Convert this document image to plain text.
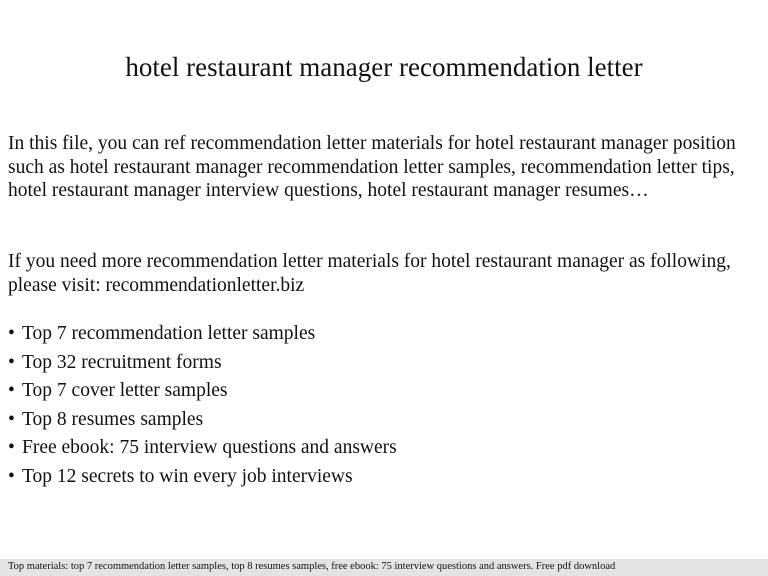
hotel restaurant manager recommendation letter
In this file, you can ref recommendation letter materials for hotel restaurant manager position such as hotel restaurant manager recommendation letter samples, recommendation letter tips, hotel restaurant manager interview questions, hotel restaurant manager resumes…
If you need more recommendation letter materials for hotel restaurant manager as following, please visit: recommendationletter.biz
• Top 7 recommendation letter samples
• Top 32 recruitment forms
• Top 7 cover letter samples
• Top 8 resumes samples
• Free ebook: 75 interview questions and answers
• Top 12 secrets to win every job interviews
Top materials: top 7 recommendation letter samples, top 8 resumes samples, free ebook: 75 interview questions and answers. Free pdf download
